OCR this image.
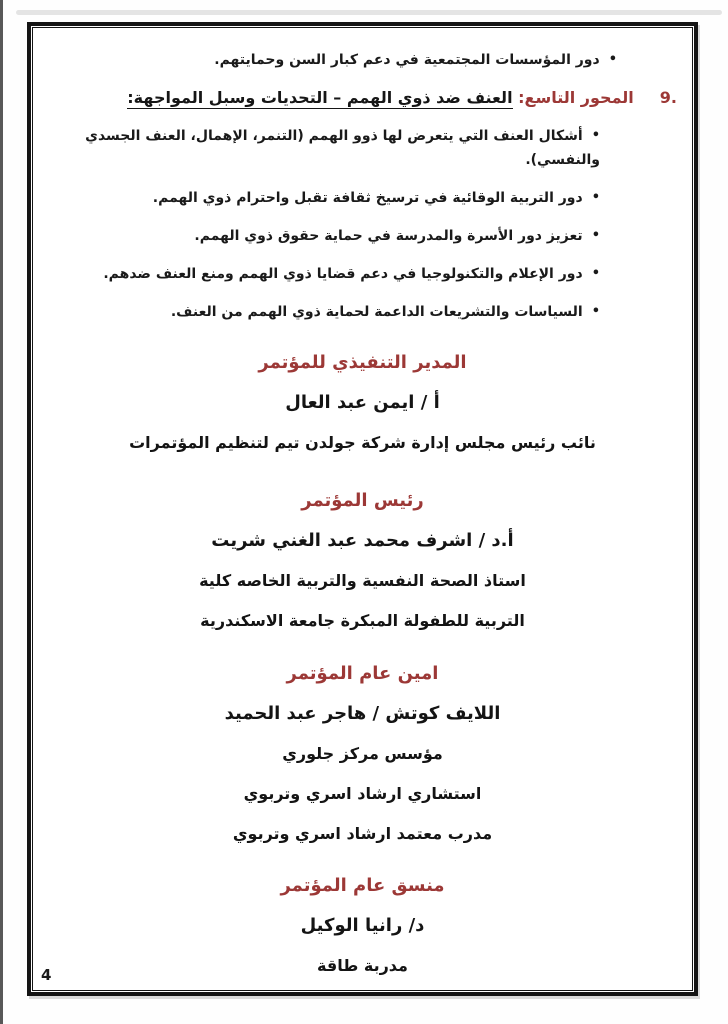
•دور المؤسسات المجتمعية في دعم كبار السن وحمايتهم.
9.المحور التاسع: العنف ضد ذوي الهمم – التحديات وسبل المواجهة:
•أشكال العنف التي يتعرض لها ذوو الهمم (التنمر، الإهمال، العنف الجسدي والنفسي).
•دور التربية الوقائية في ترسيخ ثقافة تقبل واحترام ذوي الهمم.
•تعزيز دور الأسرة والمدرسة في حماية حقوق ذوي الهمم.
•دور الإعلام والتكنولوجيا في دعم قضايا ذوي الهمم ومنع العنف ضدهم.
•السياسات والتشريعات الداعمة لحماية ذوي الهمم من العنف.
المدير التنفيذي للمؤتمر

أ / ايمن عبد العال

نائب رئيس مجلس إدارة شركة جولدن تيم لتنظيم المؤتمرات

رئيس المؤتمر

أ.د / اشرف محمد عبد الغني شريت

استاذ الصحة النفسية والتربية الخاصه كلية

التربية للطفولة المبكرة جامعة الاسكندرية

امين عام المؤتمر

اللايف كوتش / هاجر عبد الحميد

مؤسس مركز جلوري

استشاري ارشاد اسري وتربوي

مدرب معتمد ارشاد اسري وتربوي

منسق عام المؤتمر

د/ رانيا الوكيل

مدربة طاقة

4
